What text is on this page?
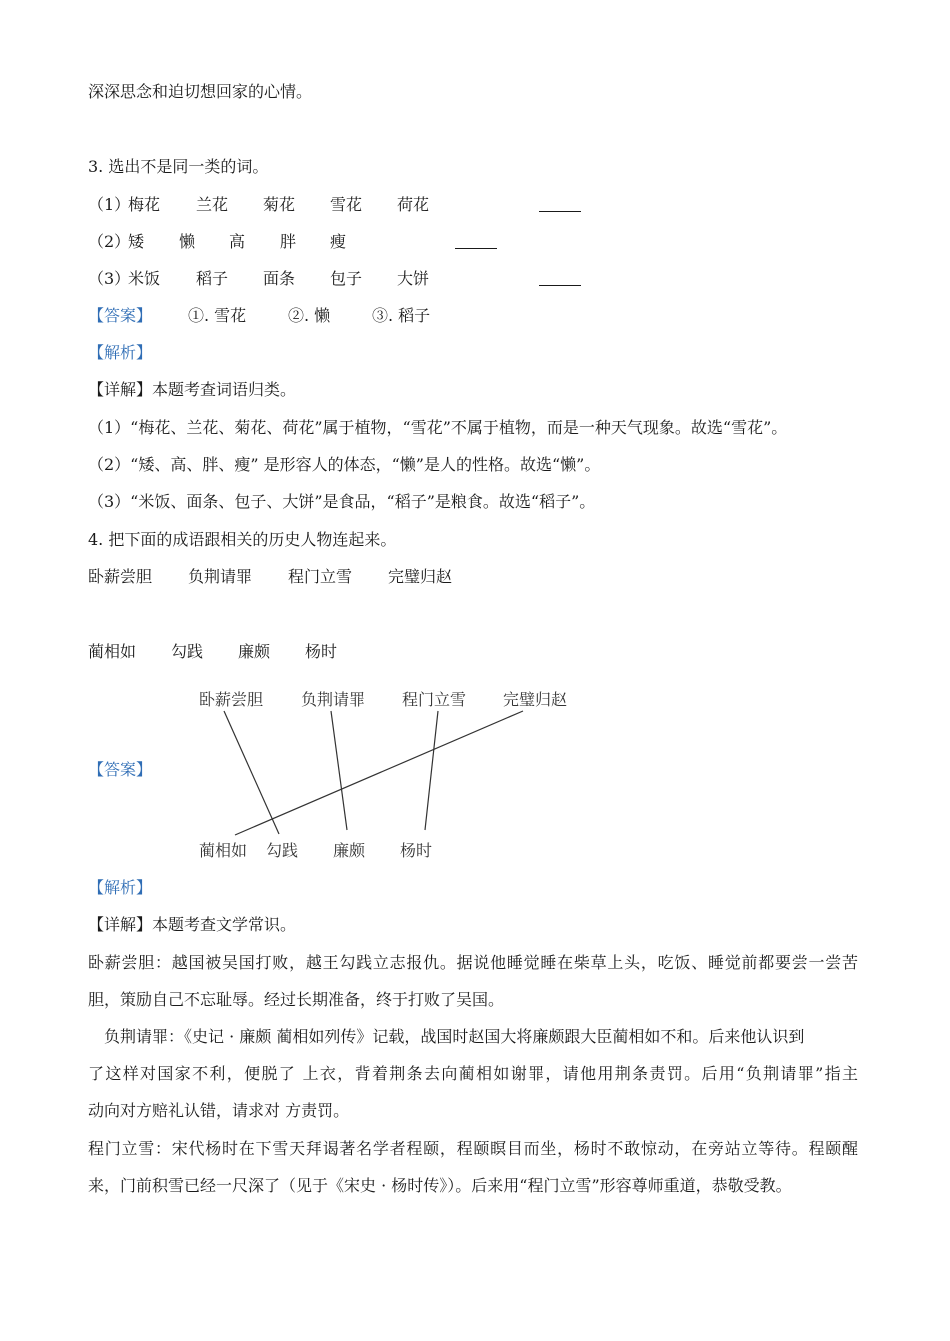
深深思念和迫切想回家的心情。
3. 选出不是同一类的词。
（1）
梅花 兰花 菊花 雪花 荷花
（2）
矮 懒 高 胖 瘦
（3）
米饭 稻子 面条 包子 大饼
【答案】 ①. 雪花	②. 懒	③. 稻子
【解析】
【详解】本题考查词语归类。
（1）“梅花、兰花、菊花、荷花”属于植物，“雪花”不属于植物，而是一种天气现象。故选“雪花”。
（2）“矮、高、胖、瘦” 是形容人的体态，“懒”是人的性格。故选“懒”。
（3）“米饭、面条、包子、大饼”是食品，“稻子”是粮食。故选“稻子”。
4. 把下面的成语跟相关的历史人物连起来。
卧薪尝胆 负荆请罪 程门立雪 完璧归赵
蔺相如 勾践 廉颇 杨时
【答案】
卧薪尝胆 负荆请罪 程门立雪 完璧归赵
蔺相如 勾践 廉颇 杨时
【解析】
【详解】本题考查文学常识。
卧薪尝胆：越国被吴国打败，越王勾践立志报仇。据说他睡觉睡在柴草上头，吃饭、睡觉前都要尝一尝苦
胆，策励自己不忘耻辱。经过长期准备，终于打败了吴国。
负荆请罪：《史记 · 廉颇 蔺相如列传》记载，战国时赵国大将廉颇跟大臣蔺相如不和。后来他认识到
了这样对国家不利，便脱了 上衣，背着荆条去向蔺相如谢罪，请他用荆条责罚。后用“负荆请罪”指主
动向对方赔礼认错，请求对 方责罚。
程门立雪：宋代杨时在下雪天拜谒著名学者程颐，程颐瞑目而坐，杨时不敢惊动，在旁站立等待。程颐醒
来，门前积雪已经一尺深了（见于《宋史 · 杨时传》）。后来用“程门立雪”形容尊师重道，恭敬受教。
